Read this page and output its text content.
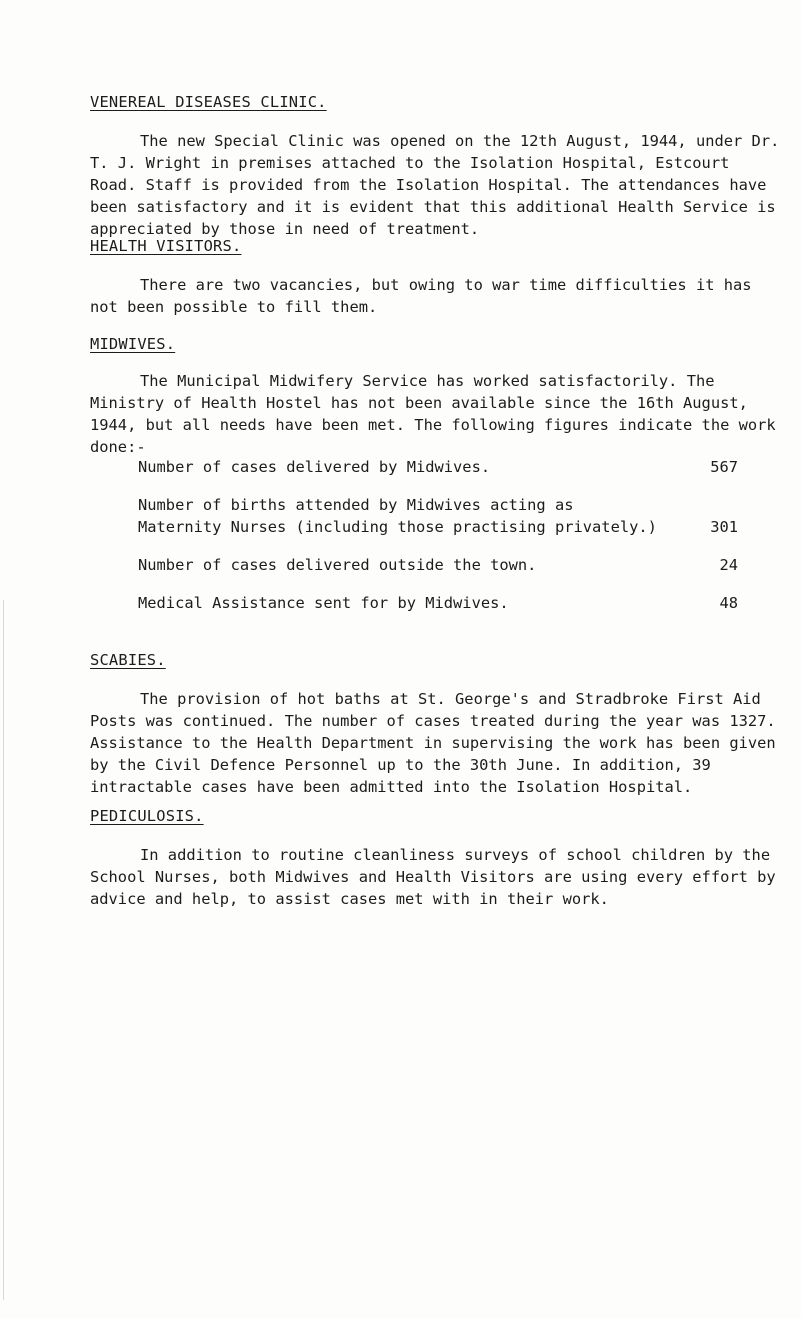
VENEREAL DISEASES CLINIC.

The new Special Clinic was opened on the 12th August, 1944, under Dr. T. J. Wright in premises attached to the Isolation Hospital, Estcourt Road. Staff is provided from the Isolation Hospital. The attendances have been satisfactory and it is evident that this additional Health Service is appreciated by those in need of treatment.

HEALTH VISITORS.

There are two vacancies, but owing to war time difficulties it has not been possible to fill them.

MIDWIVES.

The Municipal Midwifery Service has worked satisfactorily. The Ministry of Health Hostel has not been available since the 16th August, 1944, but all needs have been met. The following figures indicate the work done:-

Number of cases delivered by Midwives.	567
Number of births attended by Midwives acting as Maternity Nurses (including those practising privately.)	301
Number of cases delivered outside the town.	24
Medical Assistance sent for by Midwives.	48
SCABIES.

The provision of hot baths at St. George's and Stradbroke First Aid Posts was continued. The number of cases treated during the year was 1327. Assistance to the Health Department in supervising the work has been given by the Civil Defence Personnel up to the 30th June. In addition, 39 intractable cases have been admitted into the Isolation Hospital.

PEDICULOSIS.

In addition to routine cleanliness surveys of school children by the School Nurses, both Midwives and Health Visitors are using every effort by advice and help, to assist cases met with in their work.
